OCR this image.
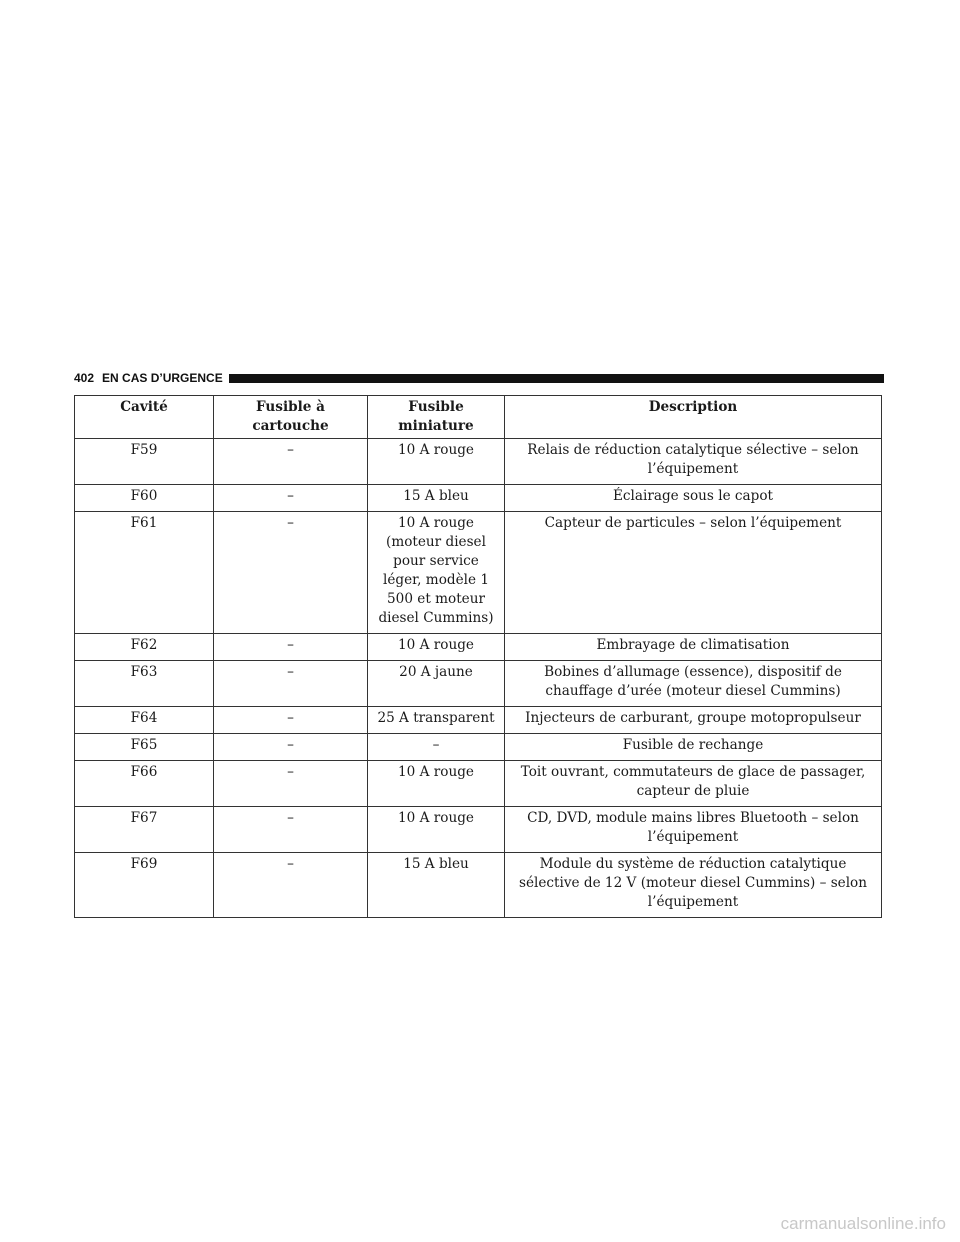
402 EN CAS D’URGENCE
Cavité	Fusible à cartouche	Fusible miniature	Description
F59	–	10 A rouge	Relais de réduction catalytique sélective – selon l’équipement
F60	–	15 A bleu	Éclairage sous le capot
F61	–	10 A rouge (moteur diesel pour service léger, modèle 1 500 et moteur diesel Cummins)	Capteur de particules – selon l’équipement
F62	–	10 A rouge	Embrayage de climatisation
F63	–	20 A jaune	Bobines d’allumage (essence), dispositif de chauffage d’urée (moteur diesel Cummins)
F64	–	25 A transparent	Injecteurs de carburant, groupe motopropulseur
F65	–	–	Fusible de rechange
F66	–	10 A rouge	Toit ouvrant, commutateurs de glace de passager, capteur de pluie
F67	–	10 A rouge	CD, DVD, module mains libres Bluetooth – selon l’équipement
F69	–	15 A bleu	Module du système de réduction catalytique sélective de 12 V (moteur diesel Cummins) – selon l’équipement
carmanualsonline.info
